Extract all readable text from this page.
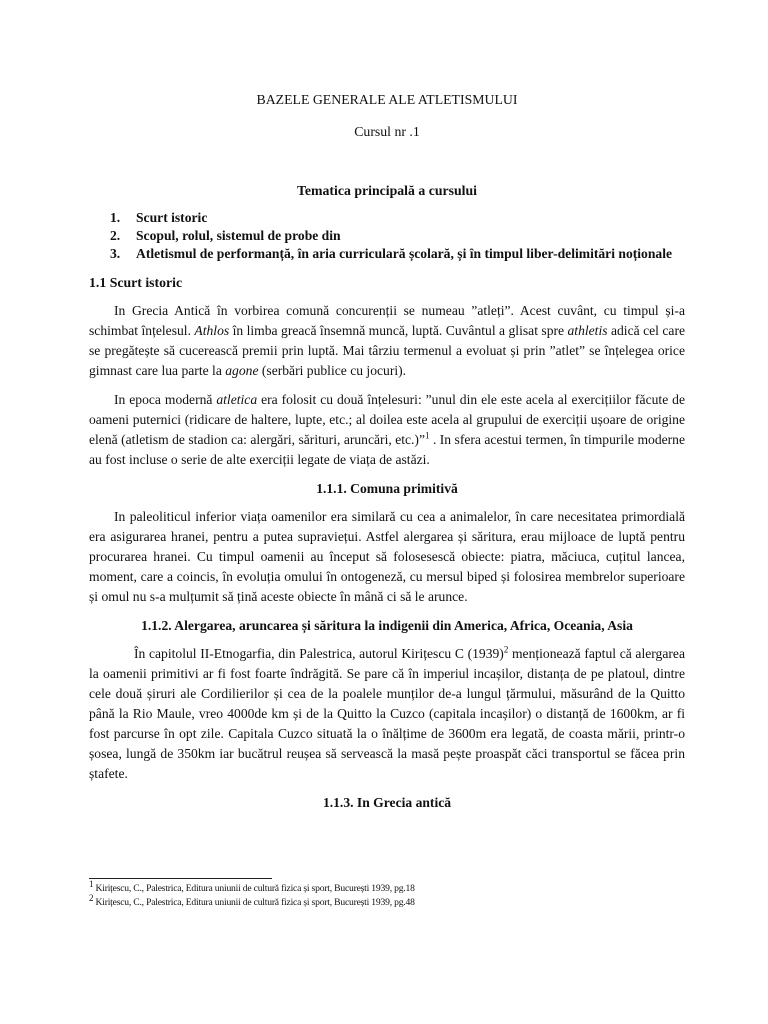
BAZELE GENERALE ALE ATLETISMULUI
Cursul nr .1
Tematica principală a cursului
1.	Scurt istoric
2.	Scopul, rolul, sistemul de probe din
3.	Atletismul de performanță, în aria curriculară școlară, și în timpul liber-delimitări noționale
1.1 Scurt istoric

In Grecia Antică în vorbirea comună concurenții se numeau ”atleți”. Acest cuvânt, cu timpul și-a schimbat înțelesul. Athlos în limba greacă însemnă muncă, luptă. Cuvântul a glisat spre athletis adică cel care se pregătește să cucerească premii prin luptă. Mai târziu termenul a evoluat și prin ”atlet” se înțelegea orice gimnast care lua parte la agone (serbări publice cu jocuri).

In epoca modernă atletica era folosit cu două înțelesuri: ”unul din ele este acela al exercițiilor făcute de oameni puternici (ridicare de haltere, lupte, etc.; al doilea este acela al grupului de exerciții ușoare de origine elenă (atletism de stadion ca: alergări, sărituri, aruncări, etc.)”$^1$ . In sfera acestui termen, în timpurile moderne au fost incluse o serie de alte exerciții legate de viața de astăzi.

1.1.1. Comuna primitivă

In paleoliticul inferior viața oamenilor era similară cu cea a animalelor, în care necesitatea primordială era asigurarea hranei, pentru a putea supraviețui. Astfel alergarea și săritura, erau mijloace de luptă pentru procurarea hranei. Cu timpul oamenii au început să folosesescă obiecte: piatra, măciuca, cuțitul lancea, moment, care a coincis, în evoluția omului în ontogeneză, cu mersul biped și folosirea membrelor superioare și omul nu s-a mulțumit să țină aceste obiecte în mână ci să le arunce.

1.1.2. Alergarea, aruncarea și săritura la indigenii din America, Africa, Oceania, Asia

În capitolul II-Etnogarfia, din Palestrica, autorul Kirițescu C $(1939)^2$ menționează faptul că alergarea la oamenii primitivi ar fi fost foarte îndrăgită. Se pare că în imperiul incașilor, distanța de pe platoul, dintre cele două șiruri ale Cordilierilor și cea de la poalele munților de-a lungul țărmului, măsurând de la Quitto până la Rio Maule, vreo 4000de km și de la Quitto la Cuzco (capitala incașilor) o distanță de 1600km, ar fi fost parcurse în opt zile. Capitala Cuzco situată la o înălțime de 3600m era legată, de coasta mării, printr-o șosea, lungă de 350km iar bucătrul reușea să servească la masă pește proaspăt căci transportul se făcea prin ștafete.

1.1.3. In Grecia antică
$^1$ Kirițescu, C., Palestrica, Editura uniunii de cultură fizica și sport, București 1939, pg.18
$^2$ Kirițescu, C., Palestrica, Editura uniunii de cultură fizica și sport, București 1939, pg.48
